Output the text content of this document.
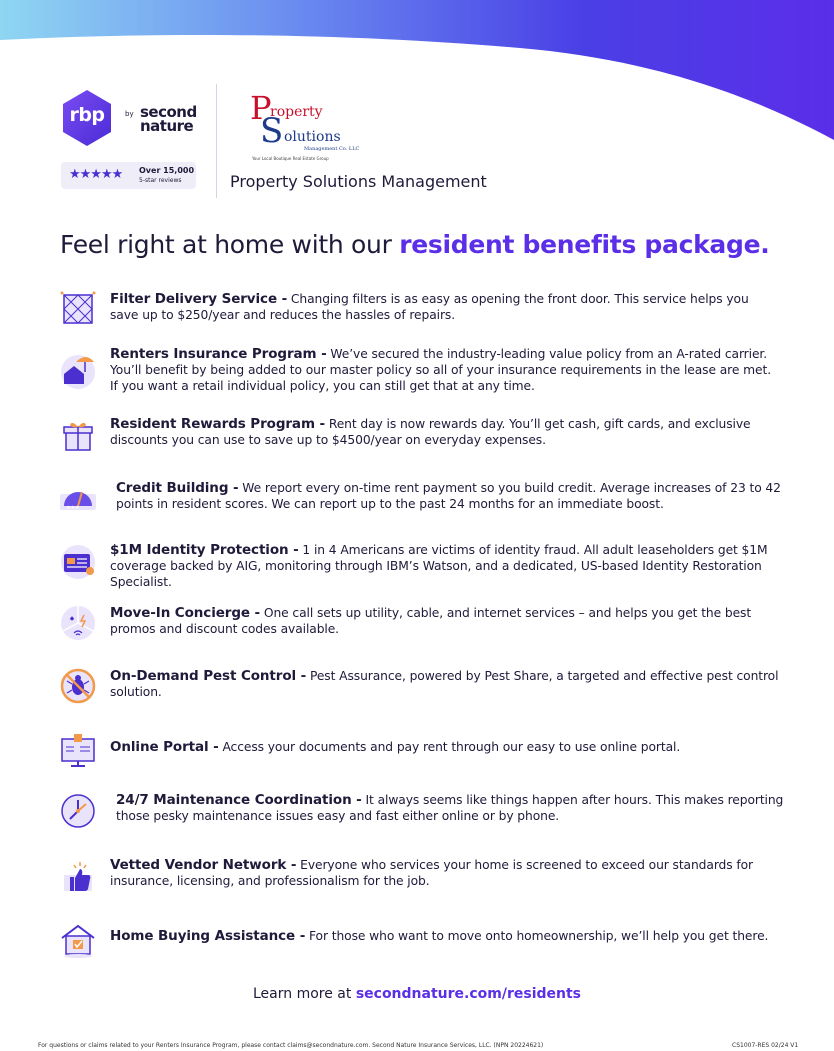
rbp	by second
nature
★★★★★ Over 15,000
5-star reviews
P
roperty
S olutions
Management Co. LLC
Your Local Boutique Real Estate Group
Property Solutions Management
Feel right at home with our resident benefits package.
Filter Delivery Service - Changing filters is as easy as opening the front door. This service helps you save up to $250/year and reduces the hassles of repairs.
Renters Insurance Program - We’ve secured the industry-leading value policy from an A-rated carrier. You’ll benefit by being added to our master policy so all of your insurance requirements in the lease are met. If you want a retail individual policy, you can still get that at any time.
Resident Rewards Program - Rent day is now rewards day. You’ll get cash, gift cards, and exclusive discounts you can use to save up to $4500/year on everyday expenses.
★★★
Credit Building - We report every on-time rent payment so you build credit. Average increases of 23 to 42 points in resident scores. We can report up to the past 24 months for an immediate boost.
$1M Identity Protection - 1 in 4 Americans are victims of identity fraud. All adult leaseholders get $1M coverage backed by AIG, monitoring through IBM’s Watson, and a dedicated, US-based Identity Restoration Specialist.
Move-In Concierge - One call sets up utility, cable, and internet services – and helps you get the best promos and discount codes available.
On-Demand Pest Control - Pest Assurance, powered by Pest Share, a targeted and effective pest control solution.
Online Portal - Access your documents and pay rent through our easy to use online portal.
24/7 Maintenance Coordination - It always seems like things happen after hours. This makes reporting those pesky maintenance issues easy and fast either online or by phone.
Vetted Vendor Network - Everyone who services your home is screened to exceed our standards for insurance, licensing, and professionalism for the job.
Home Buying Assistance - For those who want to move onto homeownership, we’ll help you get there.
Learn more at secondnature.com/residents
For questions or claims related to your Renters Insurance Program, please contact claims@secondnature.com. Second Nature Insurance Services, LLC. (NPN 20224621)	CS1007-RES 02/24 V1
